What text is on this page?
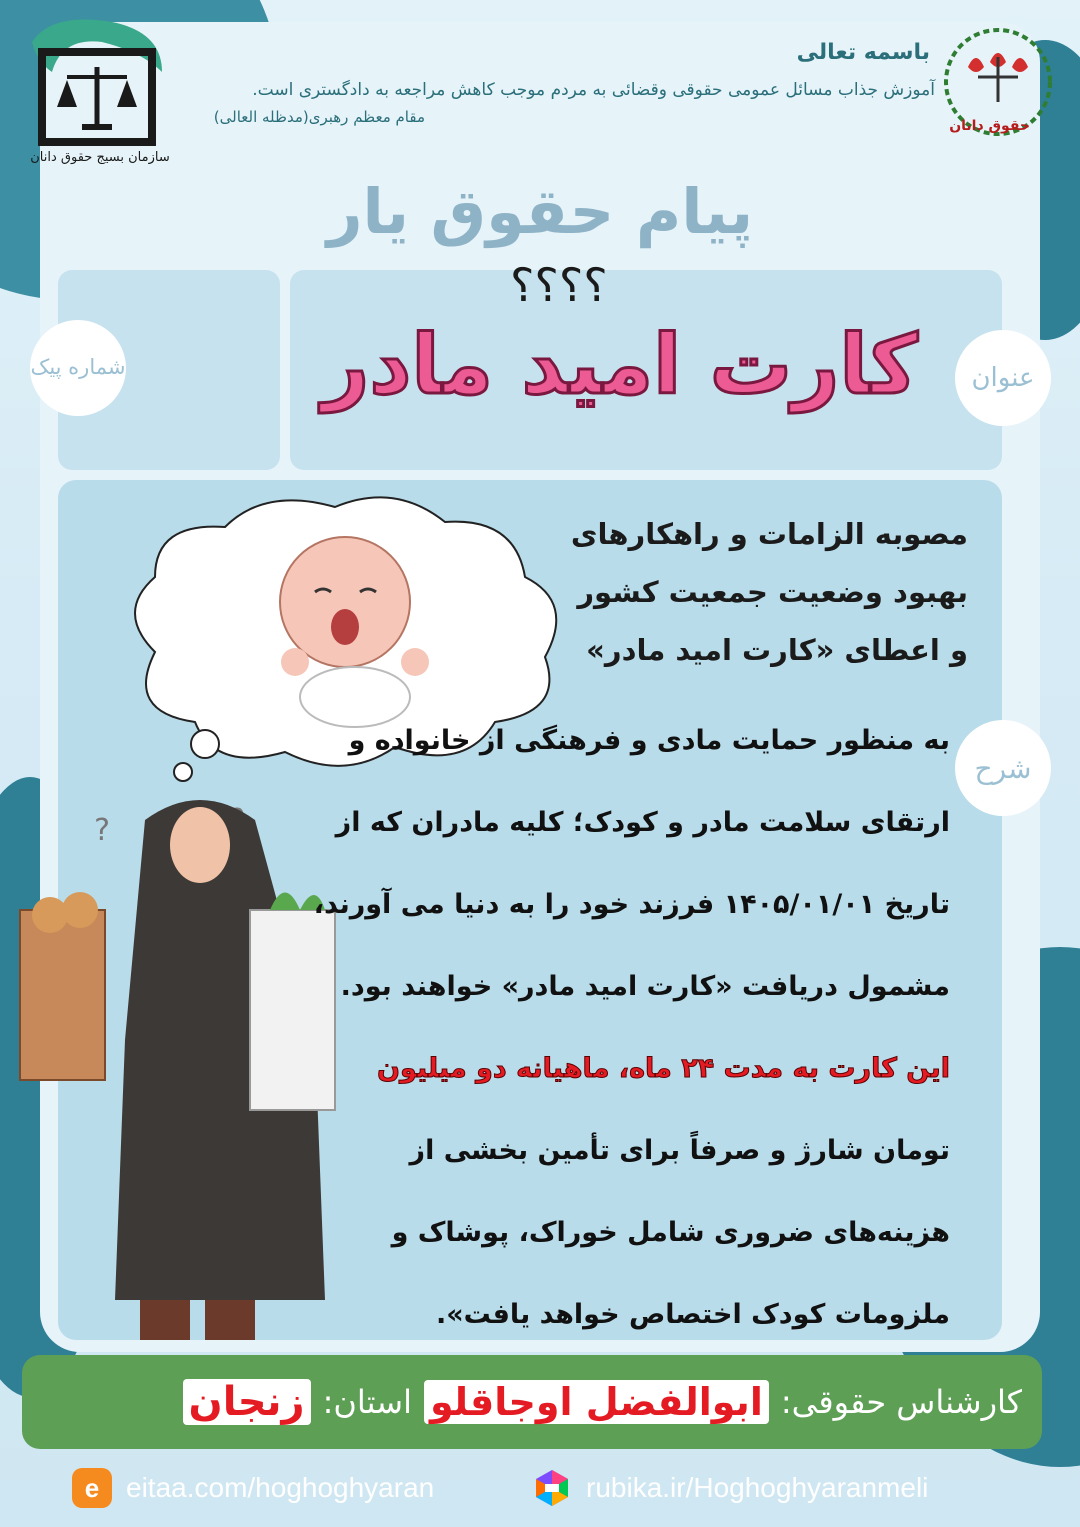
سازمان بسیج حقوق دانان
حقوق دانان
باسمه تعالی
آموزش جذاب مسائل عمومی حقوقی وقضائی به مردم موجب کاهش مراجعه به دادگستری است.
مقام معظم رهبری(مدظله العالی)
پیام حقوق یار
شماره پیک	عنوان
؟؟؟؟
کارت امید مادر
شرح
?
مصوبه الزامات و راهکارهای
بهبود وضعیت جمعیت کشور
و اعطای «کارت امید مادر»
به منظور حمایت مادی و فرهنگی از خانواده و
ارتقای سلامت مادر و کودک؛ کلیه مادران که از
تاریخ ۱۴۰۵/۰۱/۰۱ فرزند خود را به دنیا می آورند،
مشمول دریافت «کارت امید مادر» خواهند بود.
این کارت به مدت ۲۴ ماه، ماهیانه دو میلیون
تومان شارژ و صرفاً برای تأمین بخشی از
هزینه‌های ضروری شامل خوراک، پوشاک و
ملزومات کودک اختصاص خواهد یافت».
کارشناس حقوقی:
ابوالفضل اوجاقلو
استان:
زنجان
e eitaa.com/hoghoghyaran	rubika.ir/Hoghoghyaranmeli
